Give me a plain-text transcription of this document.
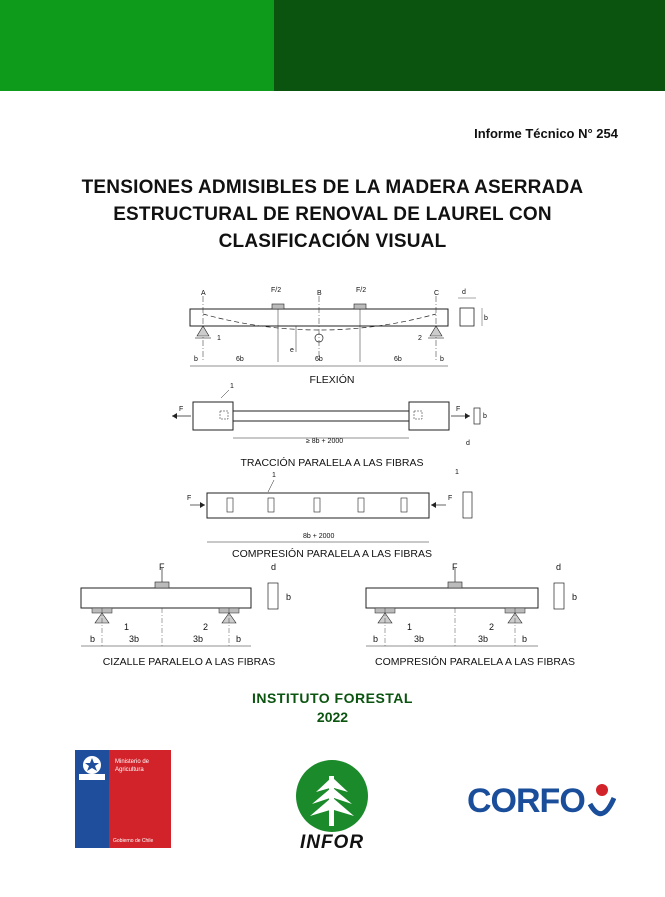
Informe Técnico N° 254
TENSIONES ADMISIBLES DE LA MADERA ASERRADA
ESTRUCTURAL DE RENOVAL DE LAUREL CON
CLASIFICACIÓN VISUAL
A	B	C
F/2	F/2
b	6b	6b	6b	b
1	2
d
b
e
F	F
1
≥ 8b + 2000
b
d
F	F
1	1
8b + 2000
F
b	3b	3b	b
1	2
d
b
F
b	3b	3b	b
1	2
d
b
FLEXIÓN
TRACCIÓN PARALELA A LAS FIBRAS
COMPRESIÓN PARALELA A LAS FIBRAS
CIZALLE PARALELO A LAS FIBRAS	COMPRESIÓN PARALELA A LAS FIBRAS
INSTITUTO FORESTAL
2022
Ministerio de
Agricultura
Gobierno de Chile	INFOR
CORFO
